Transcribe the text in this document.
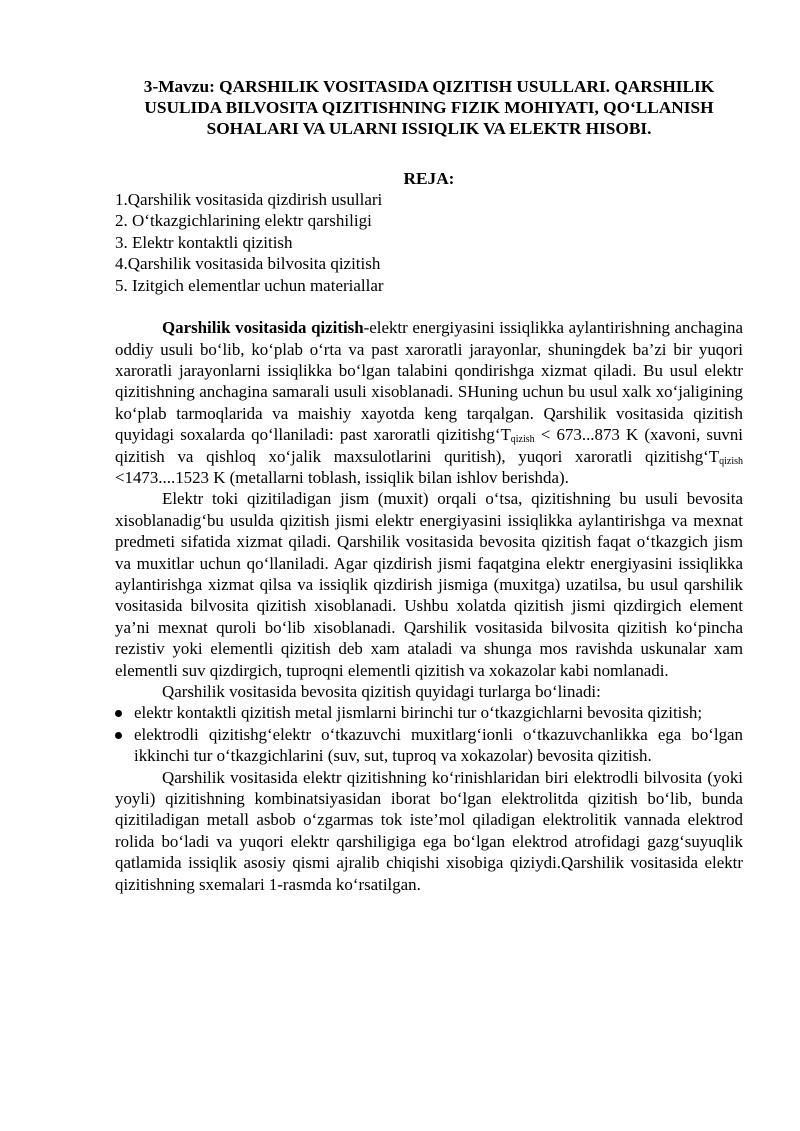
3-Mavzu: QARSHILIK VOSITASIDA QIZITISH USULLARI. QARSHILIK
USULIDA BILVOSITA QIZITISHNING FIZIK MOHIYATI, QO‘LLANISH
SOHALARI VA ULARNI ISSIQLIK VA ELEKTR HISOBI.
REJA:
1.Qarshilik vositasida qizdirish usullari
2. O‘tkazgichlarining elektr qarshiligi
3. Elektr kontaktli qizitish
4.Qarshilik vositasida bilvosita qizitish
5. Izitgich elementlar uchun materiallar

Qarshilik vositasida qizitish-elektr energiyasini issiqlikka aylantirishning anchagina oddiy usuli bo‘lib, ko‘plab o‘rta va past xaroratli jarayonlar, shuningdek ba’zi bir yuqori xaroratli jarayonlarni issiqlikka bo‘lgan talabini qondirishga xizmat qiladi. Bu usul elektr qizitishning anchagina samarali usuli xisoblanadi. SHuning uchun bu usul xalk xo‘jaligining ko‘plab tarmoqlarida va maishiy xayotda keng tarqalgan. Qarshilik vositasida qizitish quyidagi soxalarda qo‘llaniladi: past xaroratli $qizitishg‘T_{qizish} < 673...873$ K (xavoni, suvni qizitish va qishloq xo‘jalik maxsulotlarini quritish), yuqori xaroratli $qizitishg‘T_{qizish} <1473....1523$ K (metallarni toblash, issiqlik bilan ishlov berishda).

Elektr toki qizitiladigan jism (muxit) orqali o‘tsa, qizitishning bu usuli bevosita xisoblanadig‘bu usulda qizitish jismi elektr energiyasini issiqlikka aylantirishga va mexnat predmeti sifatida xizmat qiladi. Qarshilik vositasida bevosita qizitish faqat o‘tkazgich jism va muxitlar uchun qo‘llaniladi. Agar qizdirish jismi faqatgina elektr energiyasini issiqlikka aylantirishga xizmat qilsa va issiqlik qizdirish jismiga (muxitga) uzatilsa, bu usul qarshilik vositasida bilvosita qizitish xisoblanadi. Ushbu xolatda qizitish jismi qizdirgich element ya’ni mexnat quroli bo‘lib xisoblanadi. Qarshilik vositasida bilvosita qizitish ko‘pincha rezistiv yoki elementli qizitish deb xam ataladi va shunga mos ravishda uskunalar xam elementli suv qizdirgich, tuproqni elementli qizitish va xokazolar kabi nomlanadi.

Qarshilik vositasida bevosita qizitish quyidagi turlarga bo‘linadi:

elektr kontaktli qizitish metal jismlarni birinchi tur o‘tkazgichlarni bevosita qizitish;
elektrodli qizitishg‘elektr o‘tkazuvchi muxitlarg‘ionli o‘tkazuvchanlikka ega bo‘lgan ikkinchi tur o‘tkazgichlarini (suv, sut, tuproq va xokazolar) bevosita qizitish.

Qarshilik vositasida elektr qizitishning ko‘rinishlaridan biri elektrodli bilvosita (yoki yoyli) qizitishning kombinatsiyasidan iborat bo‘lgan elektrolitda qizitish bo‘lib, bunda qizitiladigan metall asbob o‘zgarmas tok iste’mol qiladigan elektrolitik vannada elektrod rolida bo‘ladi va yuqori elektr qarshiligiga ega bo‘lgan elektrod atrofidagi gazg‘suyuqlik qatlamida issiqlik asosiy qismi ajralib chiqishi xisobiga qiziydi.Qarshilik vositasida elektr qizitishning sxemalari 1-rasmda ko‘rsatilgan.
